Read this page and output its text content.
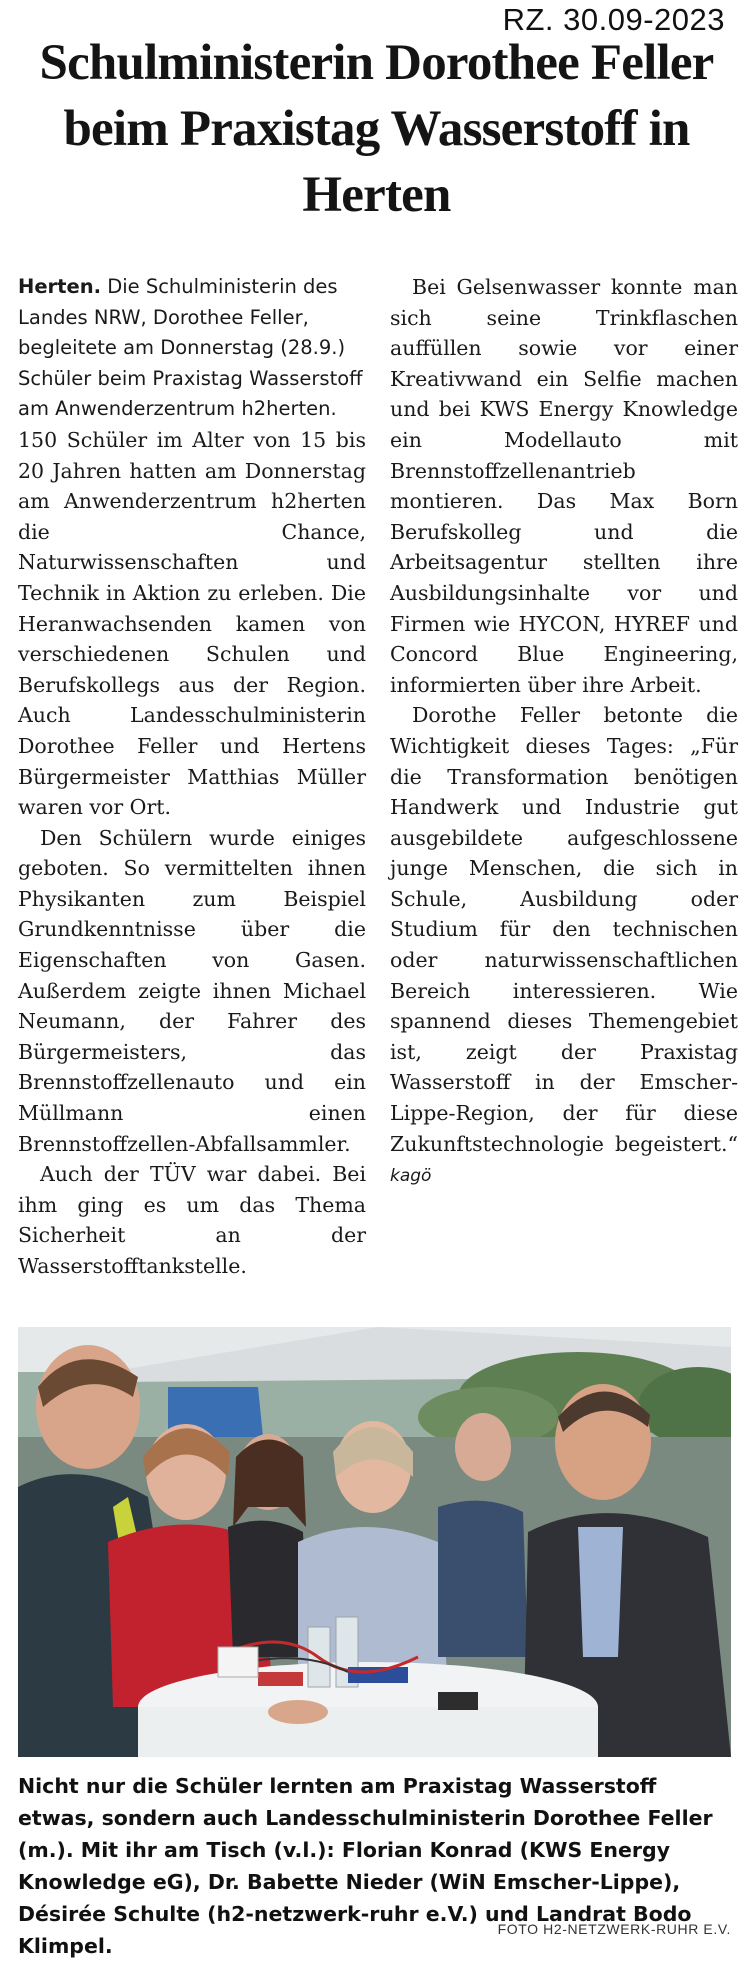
RZ. 30.09-2023
Schulministerin Dorothee Feller beim Praxistag Wasserstoff in Herten

Herten. Die Schulministerin des Landes NRW, Dorothee Feller, begleitete am Donnerstag (28.9.) Schüler beim Praxistag Wasserstoff am Anwenderzentrum h2herten.

150 Schüler im Alter von 15 bis 20 Jahren hatten am Donnerstag am Anwenderzentrum h2herten die Chance, Naturwissenschaften und Technik in Aktion zu erleben. Die Heranwachsenden kamen von verschiedenen Schulen und Berufskollegs aus der Region. Auch Landesschulministerin Dorothee Feller und Hertens Bürgermeister Matthias Müller waren vor Ort.

Den Schülern wurde einiges geboten. So vermittelten ihnen Physikanten zum Beispiel Grundkenntnisse über die Eigenschaften von Gasen. Außerdem zeigte ihnen Michael Neumann, der Fahrer des Bürgermeisters, das Brennstoffzellenauto und ein Müllmann einen Brennstoffzellen-Abfallsammler.

Auch der TÜV war dabei. Bei ihm ging es um das Thema Sicherheit an der Wasserstofftankstelle.

Bei Gelsenwasser konnte man sich seine Trinkflaschen auffüllen sowie vor einer Kreativwand ein Selfie machen und bei KWS Energy Knowledge ein Modellauto mit Brennstoffzellenantrieb montieren. Das Max Born Berufskolleg und die Arbeitsagentur stellten ihre Ausbildungsinhalte vor und Firmen wie HYCON, HYREF und Concord Blue Engineering, informierten über ihre Arbeit.

Dorothe Feller betonte die Wichtigkeit dieses Tages: „Für die Transformation benötigen Handwerk und Industrie gut ausgebildete aufgeschlossene junge Menschen, die sich in Schule, Ausbildung oder Studium für den technischen oder naturwissenschaftlichen Bereich interessieren. Wie spannend dieses Themengebiet ist, zeigt der Praxistag Wasserstoff in der Emscher-Lippe-Region, der für diese Zukunftstechnologie begeistert.“ kagö

Nicht nur die Schüler lernten am Praxistag Wasserstoff etwas, sondern auch Landesschulministerin Dorothee Feller (m.). Mit ihr am Tisch (v.l.): Florian Konrad (KWS Energy Knowledge eG), Dr. Babette Nieder (WiN Emscher-Lippe), Désirée Schulte (h2-netzwerk-ruhr e.V.) und Landrat Bodo Klimpel.

FOTO H2-NETZWERK-RUHR E.V.
